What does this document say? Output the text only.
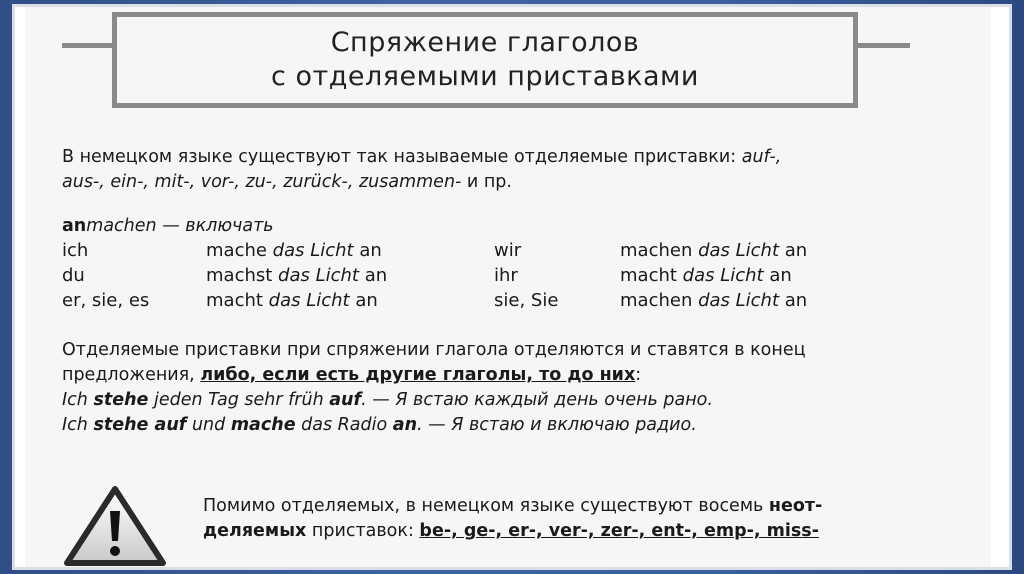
Спряжение глаголов
с отделяемыми приставками
В немецком языке существуют так называемые отделяемые приставки: auf-,
aus-, ein-, mit-, vor-, zu-, zurück-, zusammen- и пр.
anmachen — включать
ich	mache das Licht an	wir	machen das Licht an
du	machst das Licht an	ihr	macht das Licht an
er, sie, es	macht das Licht an	sie, Sie	machen das Licht an
Отделяемые приставки при спряжении глагола отделяются и ставятся в конец
предложения, либо, если есть другие глаголы, то до них:
Ich stehe jeden Tag sehr früh auf. — Я встаю каждый день очень рано.
Ich stehe auf und mache das Radio an. — Я встаю и включаю радио.
Помимо отделяемых, в немецком языке существуют восемь неот-
деляемых приставок: be-, ge-, er-, ver-, zer-, ent-, emp-, miss-
